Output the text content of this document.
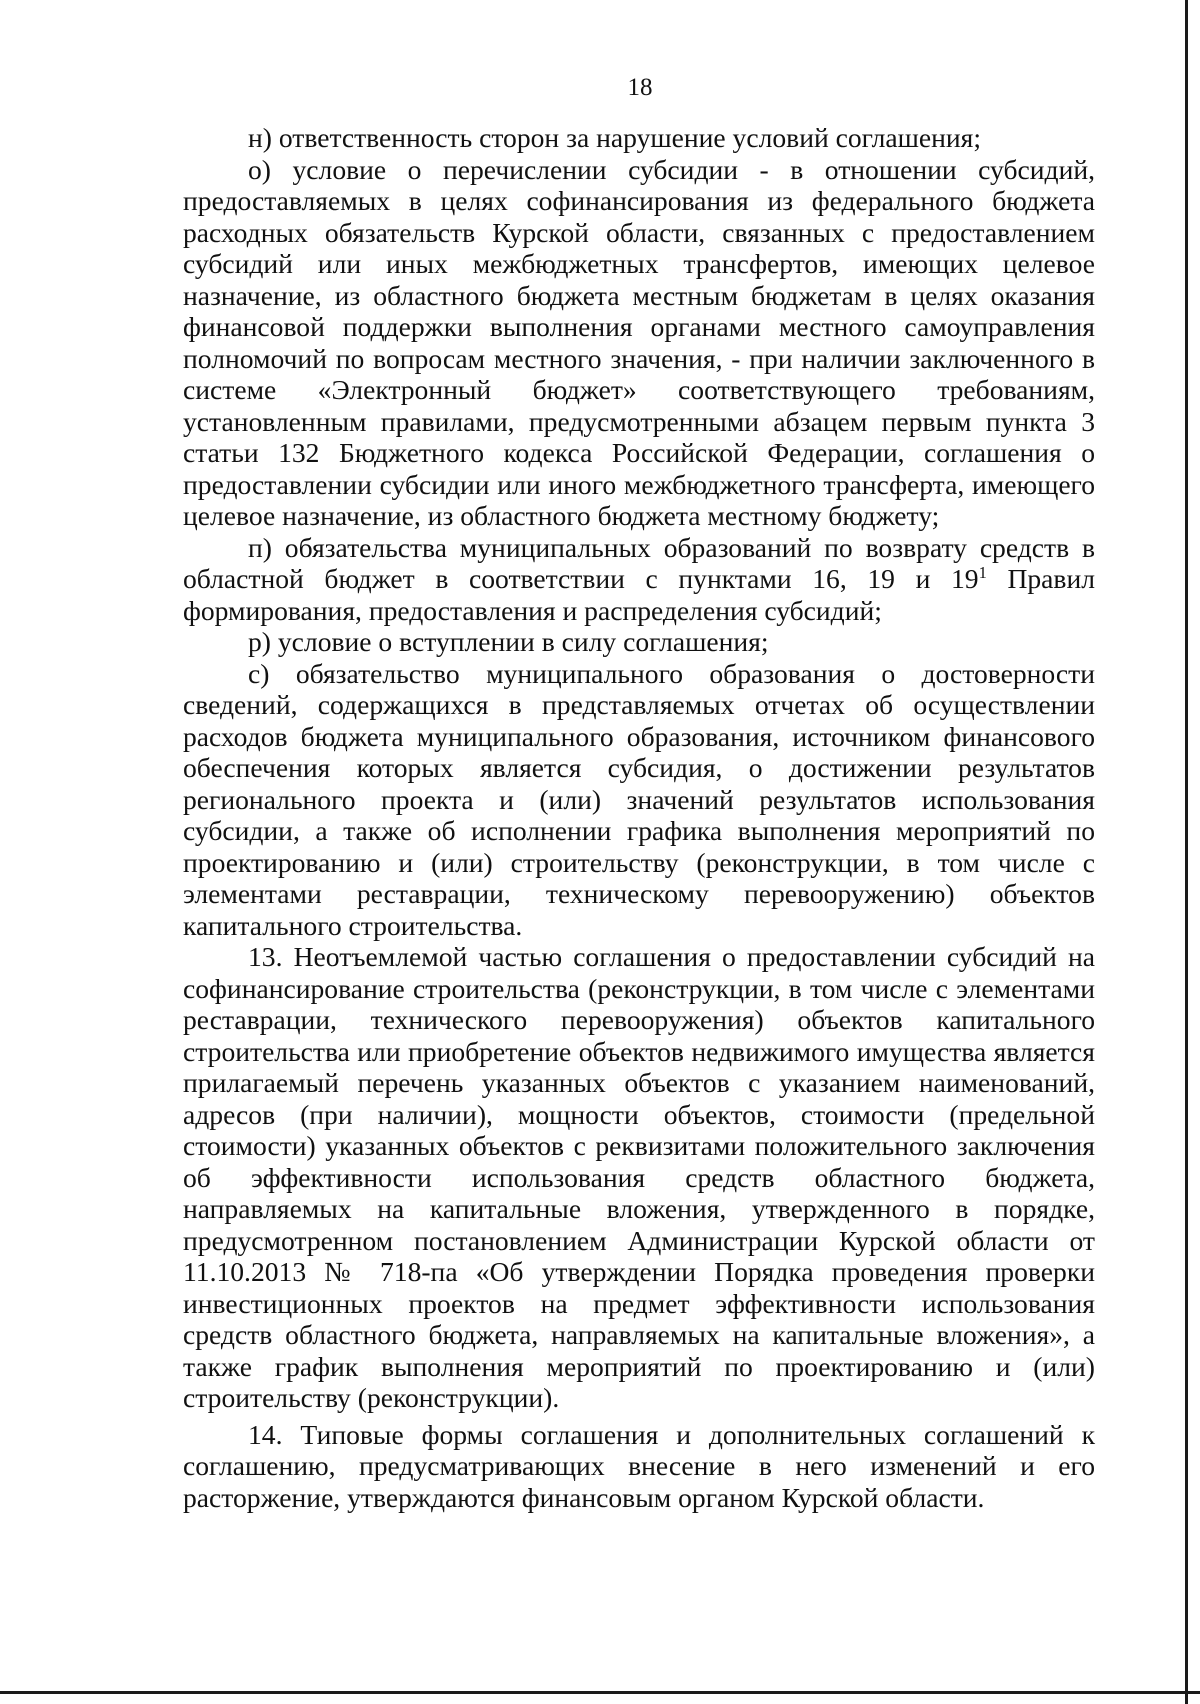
18

н) ответственность сторон за нарушение условий соглашения;

о) условие о перечислении субсидии - в отношении субсидий, предоставляемых в целях софинансирования из федерального бюджета расходных обязательств Курской области, связанных с предоставлением субсидий или иных межбюджетных трансфертов, имеющих целевое назначение, из областного бюджета местным бюджетам в целях оказания финансовой поддержки выполнения органами местного самоуправления полномочий по вопросам местного значения, - при наличии заключенного в системе «Электронный бюджет» соответствующего требованиям, установленным правилами, предусмотренными абзацем первым пункта 3 статьи 132 Бюджетного кодекса Российской Федерации, соглашения о предоставлении субсидии или иного межбюджетного трансферта, имеющего целевое назначение, из областного бюджета местному бюджету;

п) обязательства муниципальных образований по возврату средств в областной бюджет в соответствии с пунктами 16, 19 и $19^1$ Правил формирования, предоставления и распределения субсидий;

р) условие о вступлении в силу соглашения;

с) обязательство муниципального образования о достоверности сведений, содержащихся в представляемых отчетах об осуществлении расходов бюджета муниципального образования, источником финансового обеспечения которых является субсидия, о достижении результатов регионального проекта и (или) значений результатов использования субсидии, а также об исполнении графика выполнения мероприятий по проектированию и (или) строительству (реконструкции, в том числе с элементами реставрации, техническому перевооружению) объектов капитального строительства.

13. Неотъемлемой частью соглашения о предоставлении субсидий на софинансирование строительства (реконструкции, в том числе с элементами реставрации, технического перевооружения) объектов капитального строительства или приобретение объектов недвижимого имущества является прилагаемый перечень указанных объектов с указанием наименований, адресов (при наличии), мощности объектов, стоимости (предельной стоимости) указанных объектов с реквизитами положительного заключения об эффективности использования средств областного бюджета, направляемых на капитальные вложения, утвержденного в порядке, предусмотренном постановлением Администрации Курской области от 11.10.2013 № 718-па «Об утверждении Порядка проведения проверки инвестиционных проектов на предмет эффективности использования средств областного бюджета, направляемых на капитальные вложения», а также график выполнения мероприятий по проектированию и (или) строительству (реконструкции).

14. Типовые формы соглашения и дополнительных соглашений к соглашению, предусматривающих внесение в него изменений и его расторжение, утверждаются финансовым органом Курской области.
